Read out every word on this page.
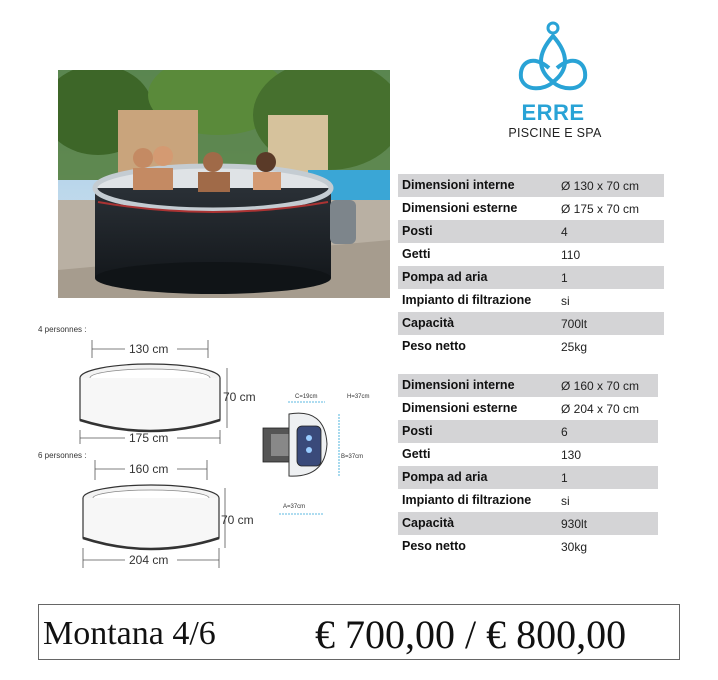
ERRE
PISCINE E SPA
Dimensioni interne	Ø 130 x 70 cm
Dimensioni esterne	Ø 175 x 70 cm
Posti	4
Getti	110
Pompa ad aria	1
Impianto di filtrazione si
Capacità	700lt
Peso netto	25kg
Dimensioni interne	Ø 160 x 70 cm
Dimensioni esterne	Ø 204 x 70 cm
Posti	6
Getti	130
Pompa ad aria	1
Impianto di filtrazione si
Capacità	930lt
Peso netto	30kg
4 personnes :
130 cm
70 cm
175 cm
6 personnes :
160 cm
70 cm
204 cm
C=19cm	H=37cm
B=37cm
A=37cm
Montana 4/6 € 700,00 / € 800,00
